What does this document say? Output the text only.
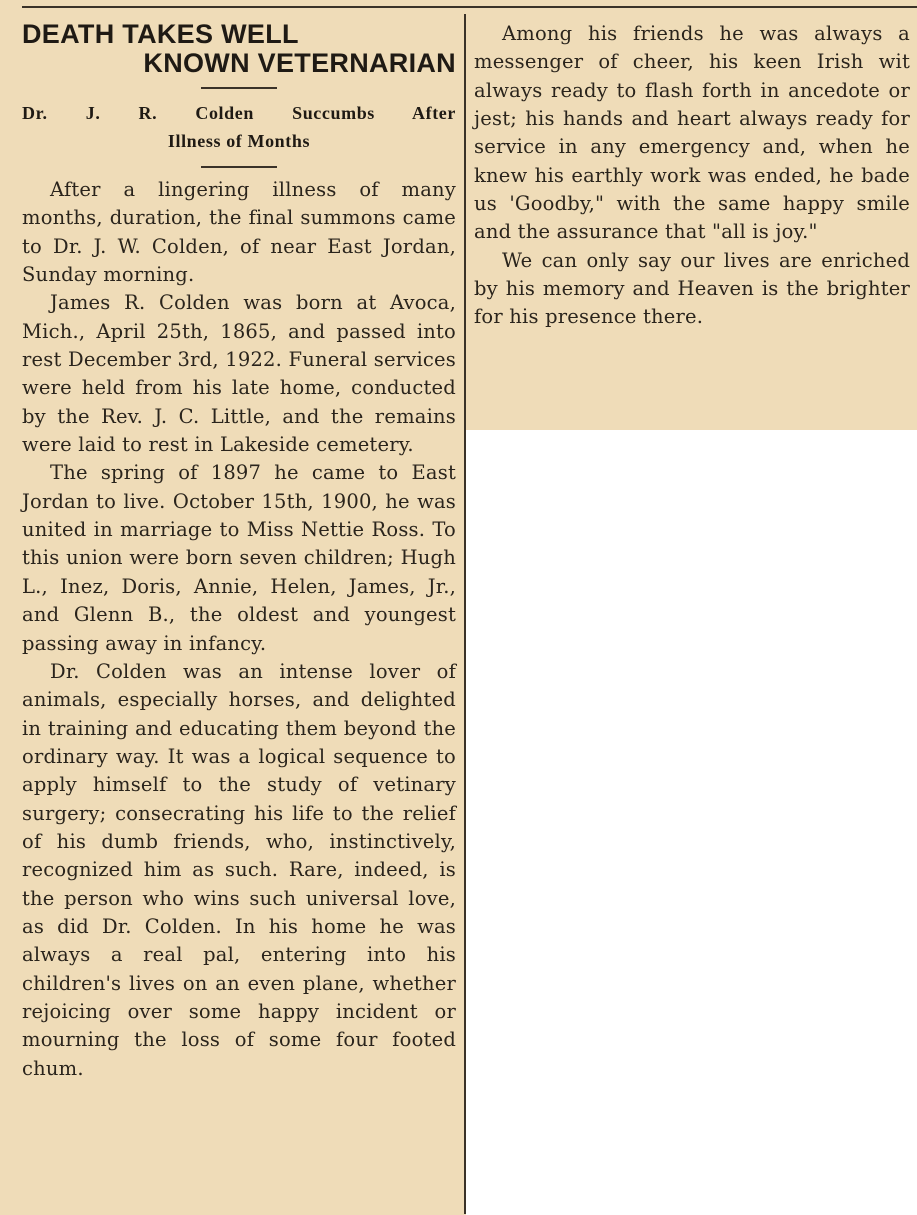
DEATH TAKES WELL
KNOWN VETERNARIAN
Dr. J. R. Colden Succumbs After
Illness of Months

After a lingering illness of many months, duration, the final summons came to Dr. J. W. Colden, of near East Jordan, Sunday morning.

James R. Colden was born at Avoca, Mich., April 25th, 1865, and passed into rest December 3rd, 1922. Funeral services were held from his late home, conducted by the Rev. J. C. Little, and the remains were laid to rest in Lakeside cemetery.

The spring of 1897 he came to East Jordan to live. October 15th, 1900, he was united in marriage to Miss Nettie Ross. To this union were born seven children; Hugh L., Inez, Doris, Annie, Helen, James, Jr., and Glenn B., the oldest and youngest passing away in infancy.

Dr. Colden was an intense lover of animals, especially horses, and delighted in training and educating them beyond the ordinary way. It was a logical sequence to apply himself to the study of vetinary surgery; consecrating his life to the relief of his dumb friends, who, instinctively, recognized him as such. Rare, indeed, is the person who wins such universal love, as did Dr. Colden. In his home he was always a real pal, entering into his children's lives on an even plane, whether rejoicing over some happy incident or mourning the loss of some four footed chum.

Among his friends he was always a messenger of cheer, his keen Irish wit always ready to flash forth in ancedote or jest; his hands and heart always ready for service in any emergency and, when he knew his earthly work was ended, he bade us 'Goodby," with the same happy smile and the assurance that "all is joy."

We can only say our lives are enriched by his memory and Heaven is the brighter for his presence there.
